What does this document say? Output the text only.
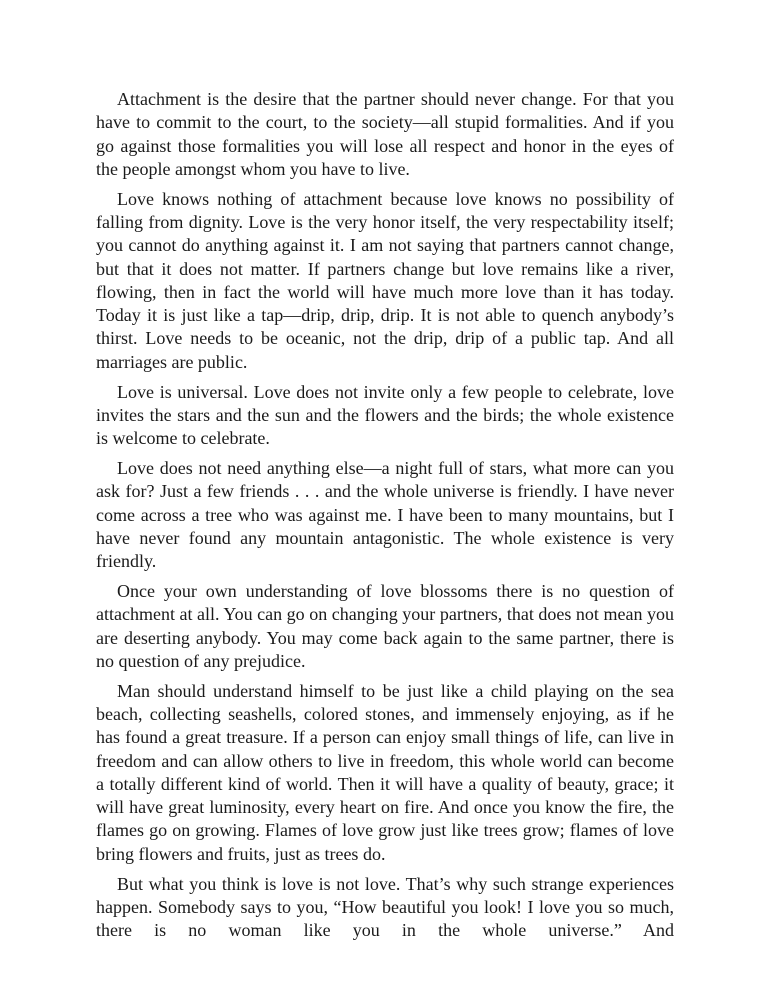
Attachment is the desire that the partner should never change. For that you have to commit to the court, to the society—all stupid formalities. And if you go against those formalities you will lose all respect and honor in the eyes of the people amongst whom you have to live.

Love knows nothing of attachment because love knows no possibility of falling from dignity. Love is the very honor itself, the very respectability itself; you cannot do anything against it. I am not saying that partners cannot change, but that it does not matter. If partners change but love remains like a river, flowing, then in fact the world will have much more love than it has today. Today it is just like a tap—drip, drip, drip. It is not able to quench anybody’s thirst. Love needs to be oceanic, not the drip, drip of a public tap. And all marriages are public.

Love is universal. Love does not invite only a few people to celebrate, love invites the stars and the sun and the flowers and the birds; the whole existence is welcome to celebrate.

Love does not need anything else—a night full of stars, what more can you ask for? Just a few friends . . . and the whole universe is friendly. I have never come across a tree who was against me. I have been to many mountains, but I have never found any mountain antagonistic. The whole existence is very friendly.

Once your own understanding of love blossoms there is no question of attachment at all. You can go on changing your partners, that does not mean you are deserting anybody. You may come back again to the same partner, there is no question of any prejudice.

Man should understand himself to be just like a child playing on the sea beach, collecting seashells, colored stones, and immensely enjoying, as if he has found a great treasure. If a person can enjoy small things of life, can live in freedom and can allow others to live in freedom, this whole world can become a totally different kind of world. Then it will have a quality of beauty, grace; it will have great luminosity, every heart on fire. And once you know the fire, the flames go on growing. Flames of love grow just like trees grow; flames of love bring flowers and fruits, just as trees do.

But what you think is love is not love. That’s why such strange experiences happen. Somebody says to you, “How beautiful you look! I love you so much, there is no woman like you in the whole universe.” And
